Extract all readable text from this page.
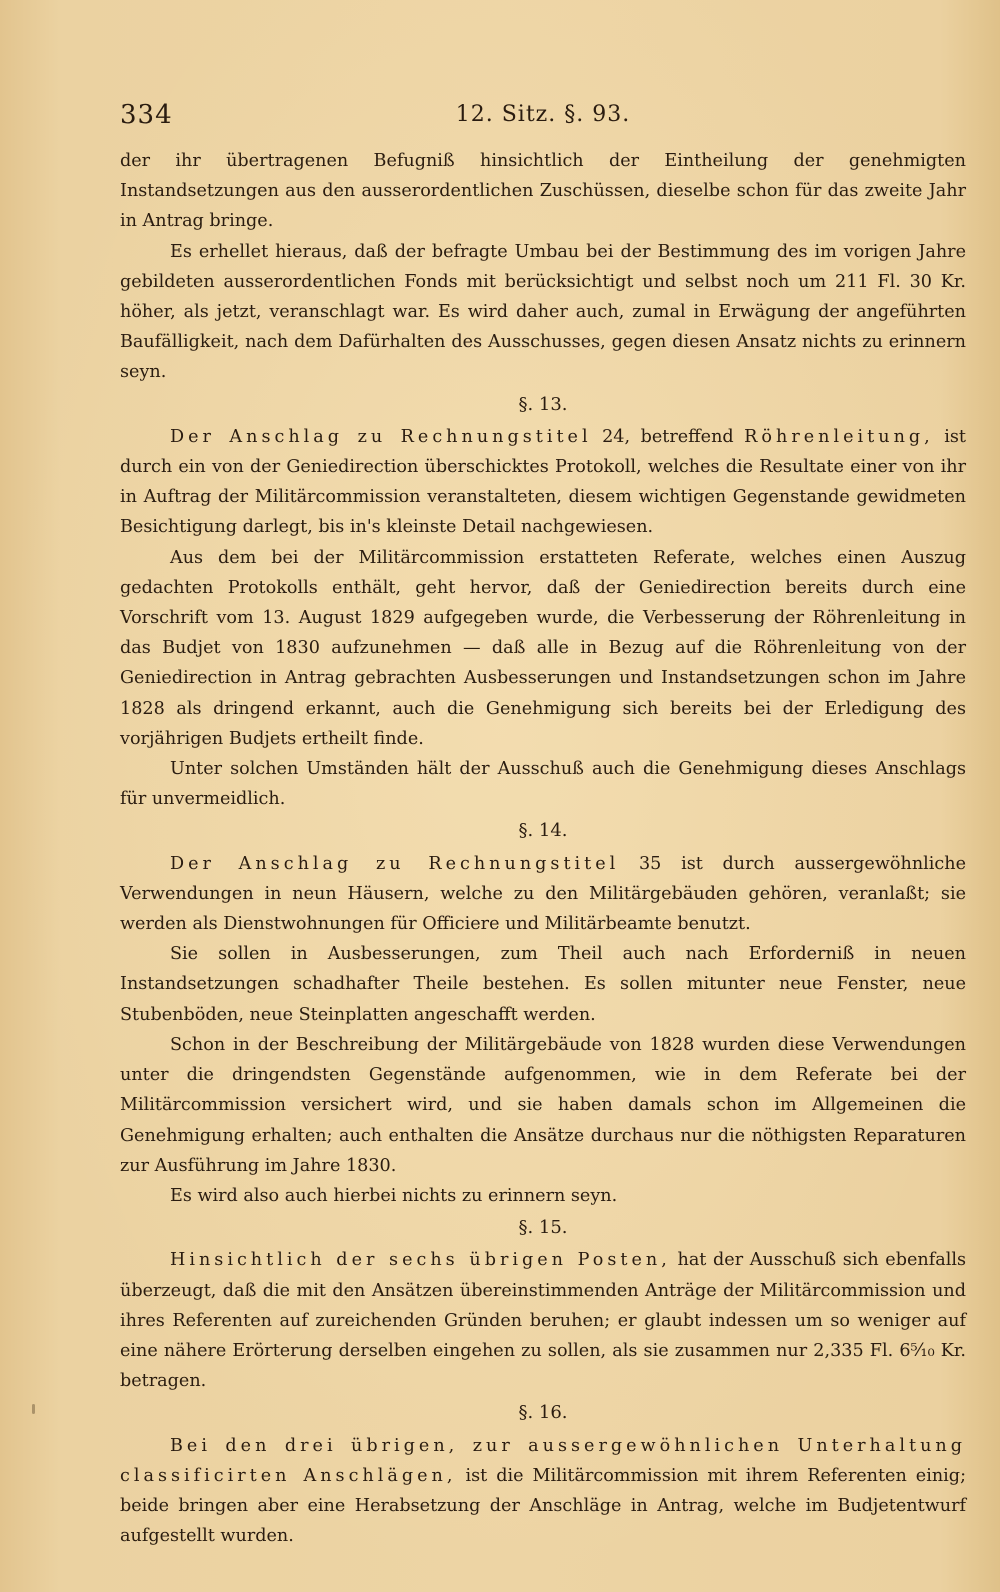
334	12. Sitz. §. 93.

der ihr übertragenen Befugniß hinsichtlich der Eintheilung der genehmigten Instandsetzungen aus den ausserordentlichen Zuschüssen, dieselbe schon für das zweite Jahr in Antrag bringe.

Es erhellet hieraus, daß der befragte Umbau bei der Bestimmung des im vorigen Jahre gebildeten ausserordentlichen Fonds mit berücksichtigt und selbst noch um 211 Fl. 30 Kr. höher, als jetzt, veranschlagt war. Es wird daher auch, zumal in Erwägung der angeführten Baufälligkeit, nach dem Dafürhalten des Ausschusses, gegen diesen Ansatz nichts zu erinnern seyn.

§. 13.

Der Anschlag zu Rechnungstitel 24, betreffend Röhrenleitung, ist durch ein von der Geniedirection überschicktes Protokoll, welches die Resultate einer von ihr in Auftrag der Militärcommission veranstalteten, diesem wichtigen Gegenstande gewidmeten Besichtigung darlegt, bis in's kleinste Detail nachgewiesen.

Aus dem bei der Militärcommission erstatteten Referate, welches einen Auszug gedachten Protokolls enthält, geht hervor, daß der Geniedirection bereits durch eine Vorschrift vom 13. August 1829 aufgegeben wurde, die Verbesserung der Röhrenleitung in das Budjet von 1830 aufzunehmen — daß alle in Bezug auf die Röhrenleitung von der Geniedirection in Antrag gebrachten Ausbesserungen und Instandsetzungen schon im Jahre 1828 als dringend erkannt, auch die Genehmigung sich bereits bei der Erledigung des vorjährigen Budjets ertheilt finde.

Unter solchen Umständen hält der Ausschuß auch die Genehmigung dieses Anschlags für unvermeidlich.

§. 14.

Der Anschlag zu Rechnungstitel 35 ist durch aussergewöhnliche Verwendungen in neun Häusern, welche zu den Militärgebäuden gehören, veranlaßt; sie werden als Dienstwohnungen für Officiere und Militärbeamte benutzt.

Sie sollen in Ausbesserungen, zum Theil auch nach Erforderniß in neuen Instandsetzungen schadhafter Theile bestehen. Es sollen mitunter neue Fenster, neue Stubenböden, neue Steinplatten angeschafft werden.

Schon in der Beschreibung der Militärgebäude von 1828 wurden diese Verwendungen unter die dringendsten Gegenstände aufgenommen, wie in dem Referate bei der Militärcommission versichert wird, und sie haben damals schon im Allgemeinen die Genehmigung erhalten; auch enthalten die Ansätze durchaus nur die nöthigsten Reparaturen zur Ausführung im Jahre 1830.

Es wird also auch hierbei nichts zu erinnern seyn.

§. 15.

Hinsichtlich der sechs übrigen Posten, hat der Ausschuß sich ebenfalls überzeugt, daß die mit den Ansätzen übereinstimmenden Anträge der Militärcommission und ihres Referenten auf zureichenden Gründen beruhen; er glaubt indessen um so weniger auf eine nähere Erörterung derselben eingehen zu sollen, als sie zusammen nur 2,335 Fl. 6⁵⁄₁₀ Kr. betragen.

§. 16.

Bei den drei übrigen, zur aussergewöhnlichen Unterhaltung classificirten Anschlägen, ist die Militärcommission mit ihrem Referenten einig; beide bringen aber eine Herabsetzung der Anschläge in Antrag, welche im Budjetentwurf aufgestellt wurden.
